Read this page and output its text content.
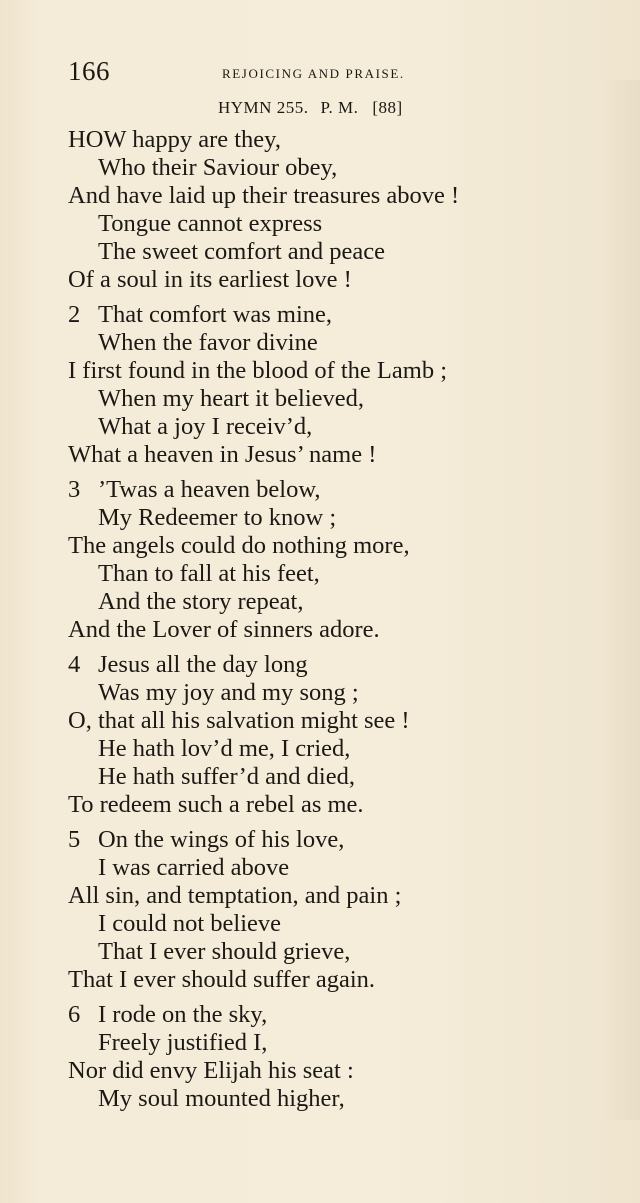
166	REJOICING AND PRAISE.
HYMN 255. P. M. [88]
HOW happy are they,
Who their Saviour obey,
And have laid up their treasures above !
Tongue cannot express
The sweet comfort and peace
Of a soul in its earliest love !
2 That comfort was mine,
When the favor divine
I first found in the blood of the Lamb ;
When my heart it believed,
What a joy I receiv’d,
What a heaven in Jesus’ name !
3 ’Twas a heaven below,
My Redeemer to know ;
The angels could do nothing more,
Than to fall at his feet,
And the story repeat,
And the Lover of sinners adore.
4 Jesus all the day long
Was my joy and my song ;
O, that all his salvation might see !
He hath lov’d me, I cried,
He hath suffer’d and died,
To redeem such a rebel as me.
5 On the wings of his love,
I was carried above
All sin, and temptation, and pain ;
I could not believe
That I ever should grieve,
That I ever should suffer again.
6 I rode on the sky,
Freely justified I,
Nor did envy Elijah his seat :
My soul mounted higher,
